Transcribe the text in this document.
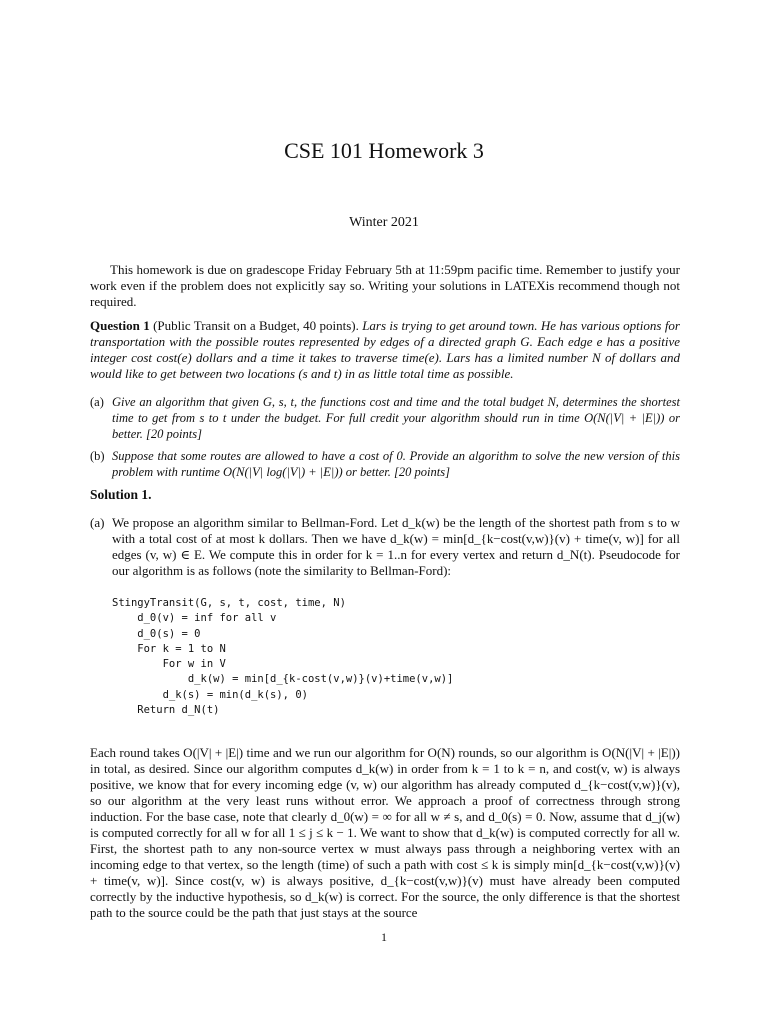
CSE 101 Homework 3
Winter 2021
This homework is due on gradescope Friday February 5th at 11:59pm pacific time. Remember to justify your work even if the problem does not explicitly say so. Writing your solutions in LATEXis recommend though not required.
Question 1 (Public Transit on a Budget, 40 points). Lars is trying to get around town. He has various options for transportation with the possible routes represented by edges of a directed graph G. Each edge e has a positive integer cost cost(e) dollars and a time it takes to traverse time(e). Lars has a limited number N of dollars and would like to get between two locations (s and t) in as little total time as possible.
(a) Give an algorithm that given G, s, t, the functions cost and time and the total budget N, determines the shortest time to get from s to t under the budget. For full credit your algorithm should run in time O(N(|V| + |E|)) or better. [20 points]
(b) Suppose that some routes are allowed to have a cost of 0. Provide an algorithm to solve the new version of this problem with runtime O(N(|V| log(|V|) + |E|)) or better. [20 points]
Solution 1.
(a) We propose an algorithm similar to Bellman-Ford. Let d_k(w) be the length of the shortest path from s to w with a total cost of at most k dollars. Then we have d_k(w) = min[d_{k−cost(v,w)}(v) + time(v, w)] for all edges (v, w) ∈ E. We compute this in order for k = 1..n for every vertex and return d_N(t). Pseudocode for our algorithm is as follows (note the similarity to Bellman-Ford):
StingyTransit(G, s, t, cost, time, N)
d_0(v) = inf for all v
d_0(s) = 0
For k = 1 to N
For w in V
d_k(w) = min[d_{k-cost(v,w)}(v)+time(v,w)]
d_k(s) = min(d_k(s), 0)
Return d_N(t)
Each round takes O(|V| + |E|) time and we run our algorithm for O(N) rounds, so our algorithm is O(N(|V| + |E|)) in total, as desired. Since our algorithm computes d_k(w) in order from k = 1 to k = n, and cost(v, w) is always positive, we know that for every incoming edge (v, w) our algorithm has already computed d_{k−cost(v,w)}(v), so our algorithm at the very least runs without error. We approach a proof of correctness through strong induction. For the base case, note that clearly d_0(w) = ∞ for all w ≠ s, and d_0(s) = 0. Now, assume that d_j(w) is computed correctly for all w for all 1 ≤ j ≤ k − 1. We want to show that d_k(w) is computed correctly for all w. First, the shortest path to any non-source vertex w must always pass through a neighboring vertex with an incoming edge to that vertex, so the length (time) of such a path with cost ≤ k is simply min[d_{k−cost(v,w)}(v) + time(v, w)]. Since cost(v, w) is always positive, d_{k−cost(v,w)}(v) must have already been computed correctly by the inductive hypothesis, so d_k(w) is correct. For the source, the only difference is that the shortest path to the source could be the path that just stays at the source
1
